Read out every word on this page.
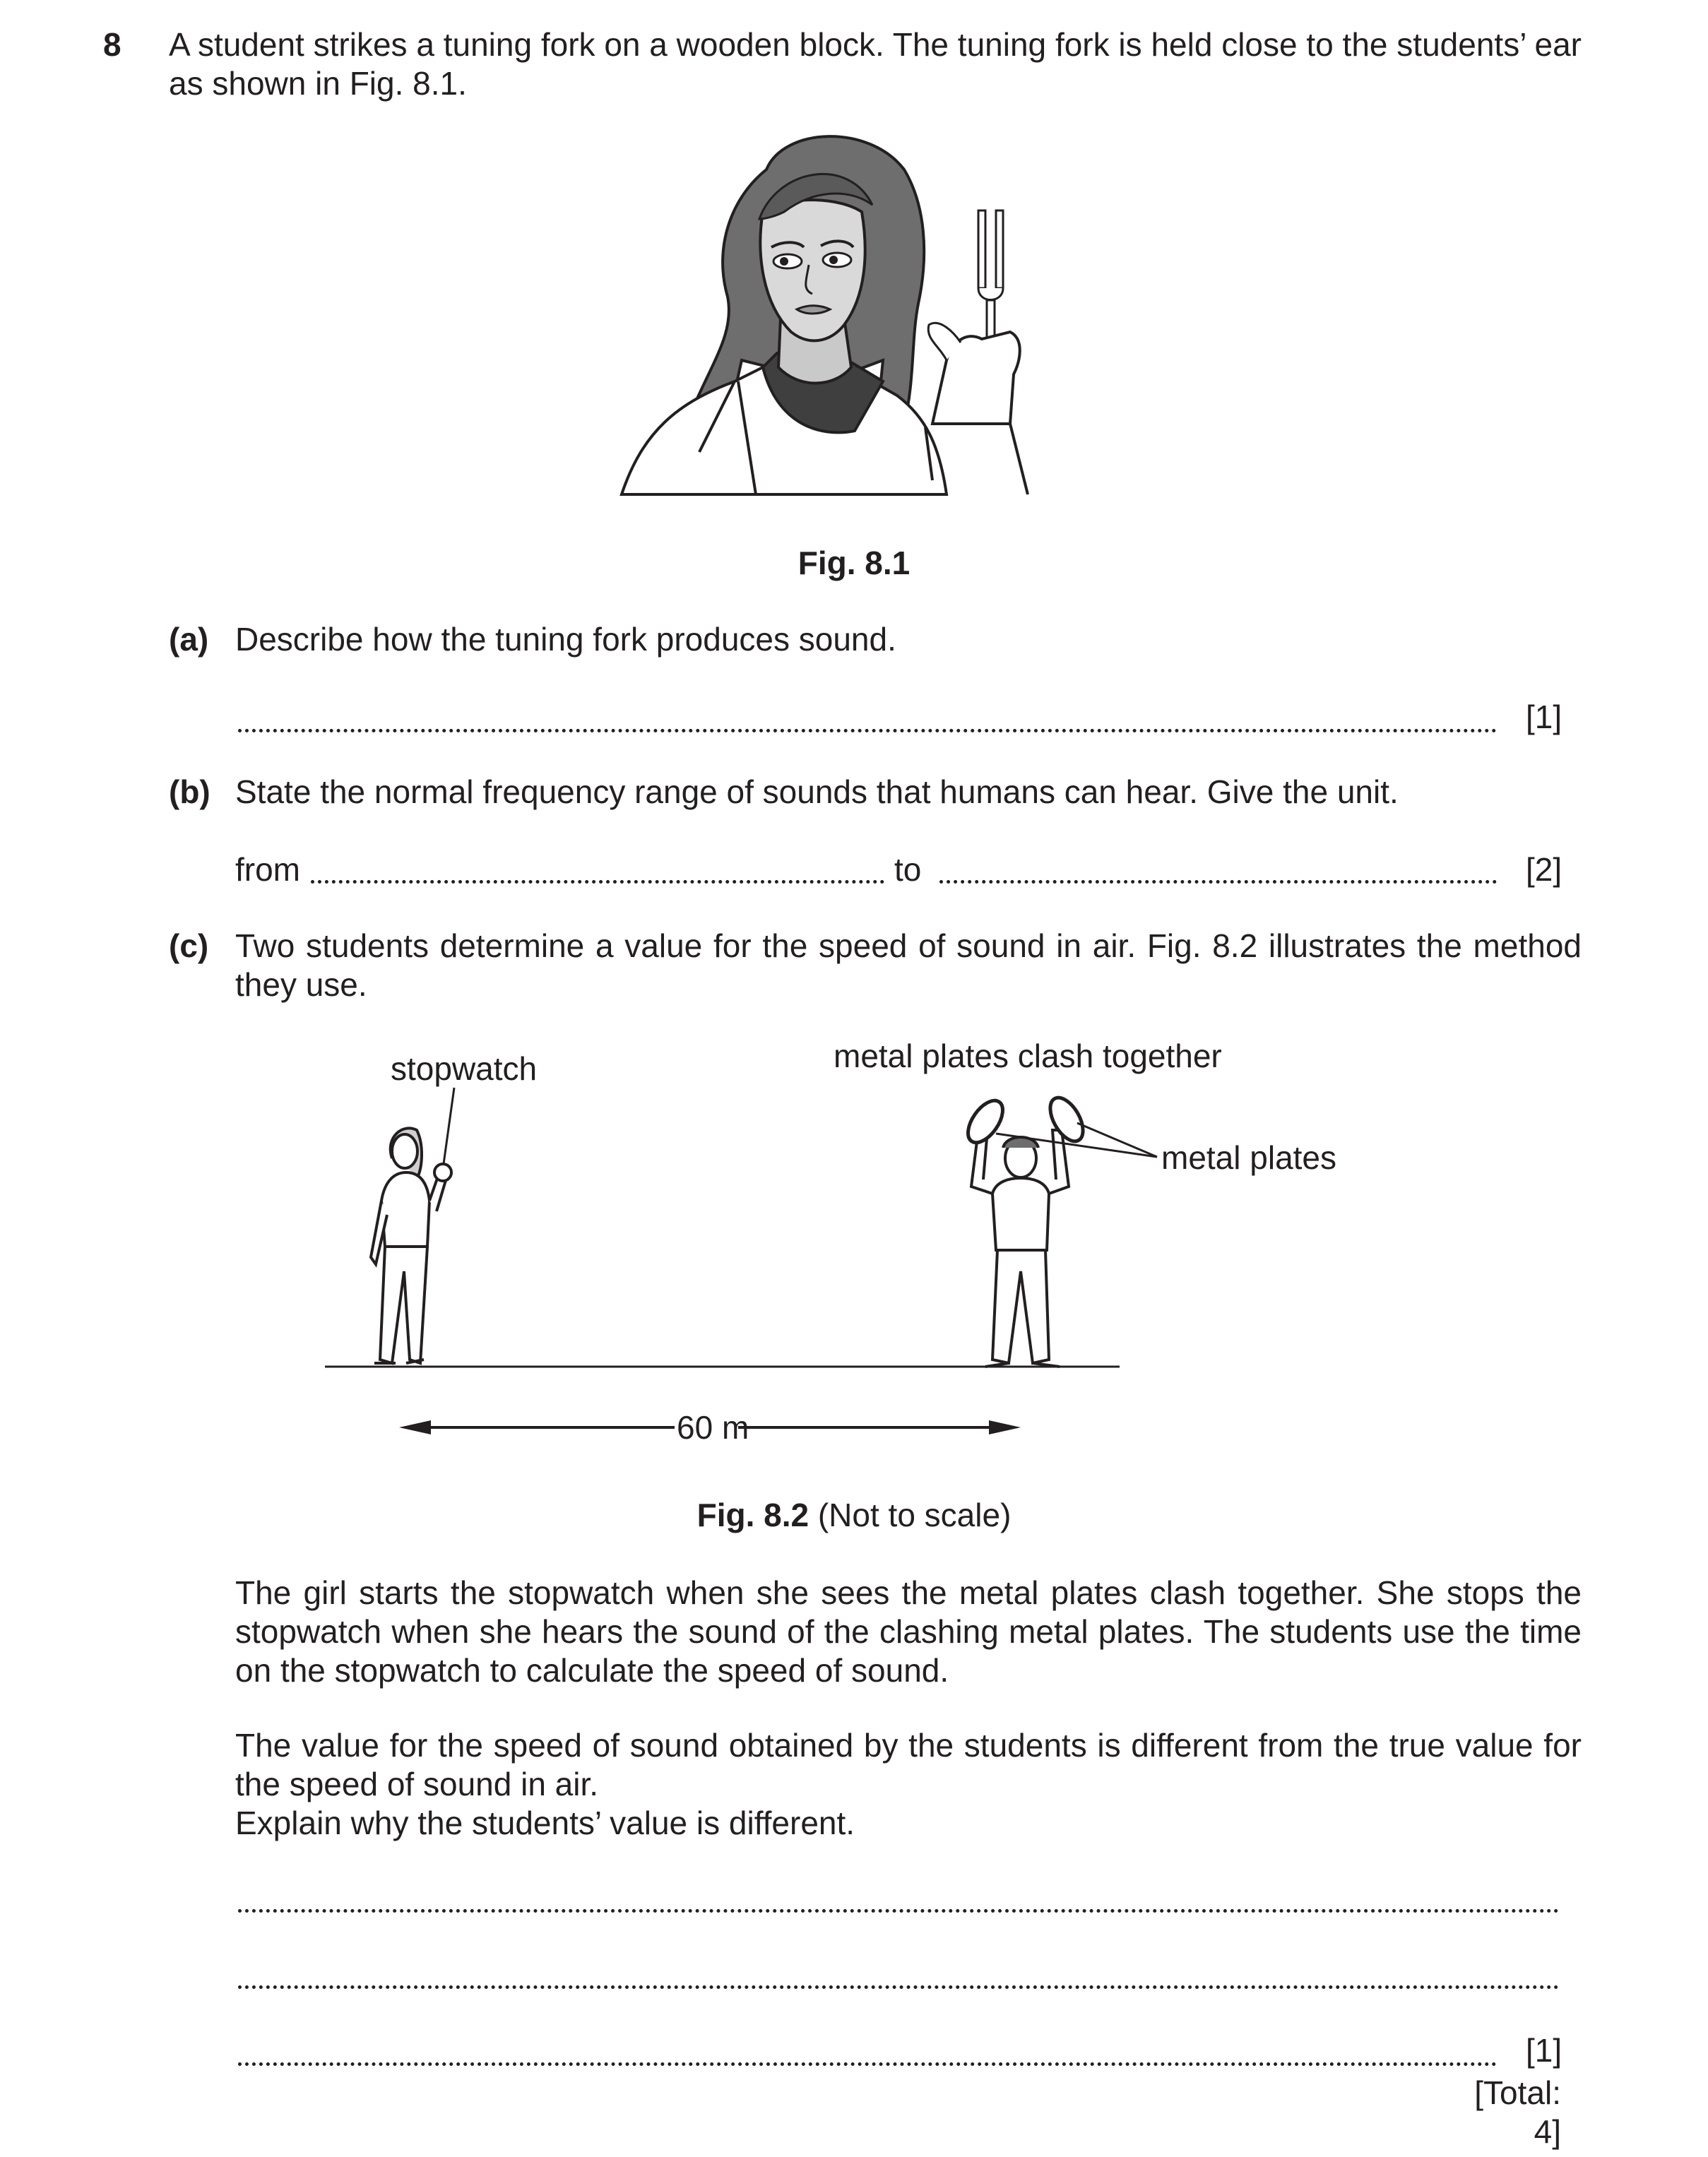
8 A student strikes a tuning fork on a wooden block. The tuning fork is held close to the students’ ear as shown in Fig. 8.1.
Fig. 8.1
(a) Describe how the tuning fork produces sound.
[1]
(b) State the normal frequency range of sounds that humans can hear. Give the unit.
from	to	[2]
(c) Two students determine a value for the speed of sound in air. Fig. 8.2 illustrates the method they use.
stopwatch	metal plates clash together
metal plates
60 m
Fig. 8.2 (Not to scale)
The girl starts the stopwatch when she sees the metal plates clash together. She stops the stopwatch when she hears the sound of the clashing metal plates. The students use the time on the stopwatch to calculate the speed of sound.
The value for the speed of sound obtained by the students is different from the true value for the speed of sound in air.
Explain why the students’ value is different.
[1]
[Total: 4]
